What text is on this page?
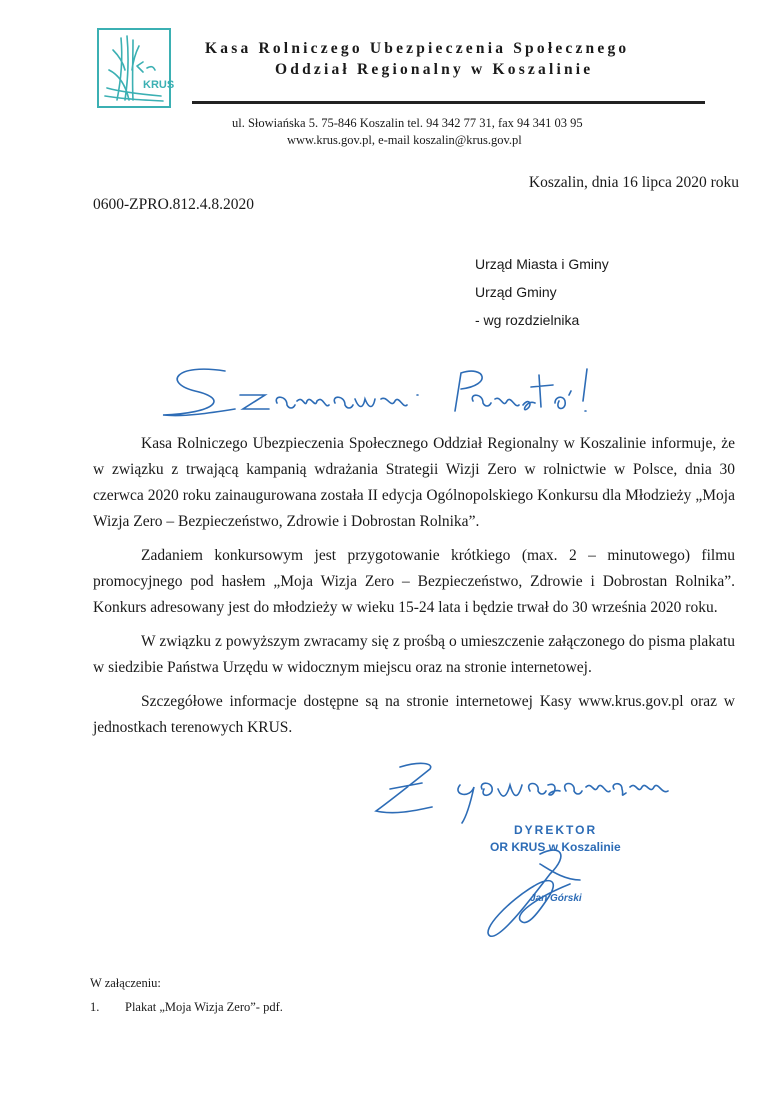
KRUS
Kasa Rolniczego Ubezpieczenia Społecznego
Oddział Regionalny w Koszalinie
ul. Słowiańska 5. 75-846 Koszalin tel. 94 342 77 31, fax 94 341 03 95
www.krus.gov.pl, e-mail koszalin@krus.gov.pl
Koszalin, dnia 16 lipca 2020 roku
0600-ZPRO.812.4.8.2020
Urząd Miasta i Gminy
Urząd Gminy
- wg rozdzielnika

Kasa Rolniczego Ubezpieczenia Społecznego Oddział Regionalny w Koszalinie informuje, że w związku z trwającą kampanią wdrażania Strategii Wizji Zero w rolnictwie w Polsce, dnia 30 czerwca 2020 roku zainaugurowana została II edycja Ogólnopolskiego Konkursu dla Młodzieży „Moja Wizja Zero – Bezpieczeństwo, Zdrowie i Dobrostan Rolnika”.

Zadaniem konkursowym jest przygotowanie krótkiego (max. 2 – minutowego) filmu promocyjnego pod hasłem „Moja Wizja Zero – Bezpieczeństwo, Zdrowie i Dobrostan Rolnika”. Konkurs adresowany jest do młodzieży w wieku 15-24 lata i będzie trwał do 30 września 2020 roku.

W związku z powyższym zwracamy się z prośbą o umieszczenie załączonego do pisma plakatu w siedzibie Państwa Urzędu w widocznym miejscu oraz na stronie internetowej.

Szczegółowe informacje dostępne są na stronie internetowej Kasy www.krus.gov.pl oraz w jednostkach terenowych KRUS.

DYREKTOR
OR KRUS w Koszalinie
Jan Górski
W załączeniu:
1. Plakat „Moja Wizja Zero”- pdf.
